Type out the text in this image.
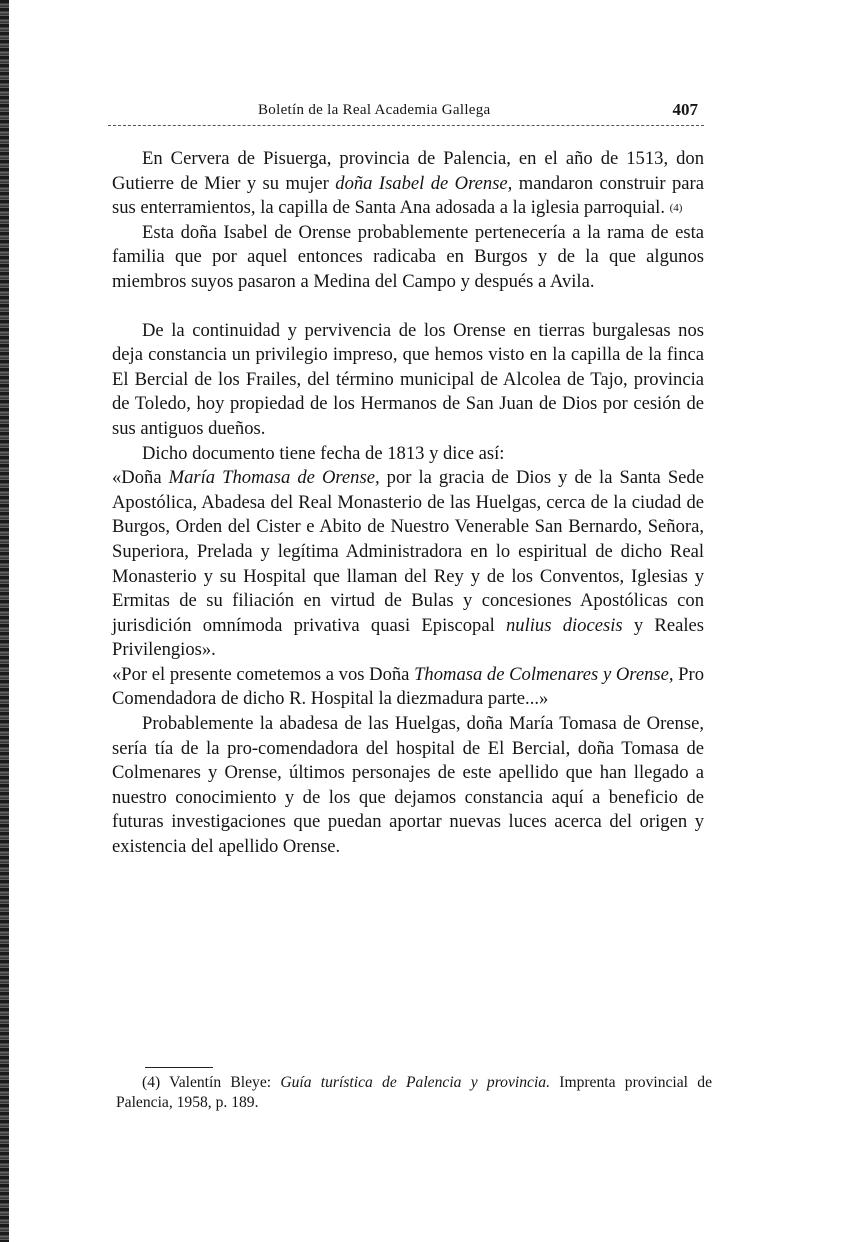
Boletín de la Real Academia Gallega	407

En Cervera de Pisuerga, provincia de Palencia, en el año de 1513, don Gutierre de Mier y su mujer doña Isabel de Orense, mandaron construir para sus enterramientos, la capilla de Santa Ana adosada a la iglesia parroquial. $^{(4)}$

Esta doña Isabel de Orense probablemente pertenecería a la rama de esta familia que por aquel entonces radicaba en Burgos y de la que algunos miembros suyos pasaron a Medina del Campo y después a Avila.

De la continuidad y pervivencia de los Orense en tierras burgalesas nos deja constancia un privilegio impreso, que hemos visto en la capilla de la finca El Bercial de los Frailes, del término municipal de Alcolea de Tajo, provincia de Toledo, hoy propiedad de los Hermanos de San Juan de Dios por cesión de sus antiguos dueños.

Dicho documento tiene fecha de 1813 y dice así:

«Doña María Thomasa de Orense, por la gracia de Dios y de la Santa Sede Apostólica, Abadesa del Real Monasterio de las Huelgas, cerca de la ciudad de Burgos, Orden del Cister e Abito de Nuestro Venerable San Bernardo, Señora, Superiora, Prelada y legítima Administradora en lo espiritual de dicho Real Monasterio y su Hospital que llaman del Rey y de los Conventos, Iglesias y Ermitas de su filiación en virtud de Bulas y concesiones Apostólicas con jurisdición omnímoda privativa quasi Episcopal nulius diocesis y Reales Privilengios».

«Por el presente cometemos a vos Doña Thomasa de Colmenares y Orense, Pro Comendadora de dicho R. Hospital la diezmadura parte...»

Probablemente la abadesa de las Huelgas, doña María Tomasa de Orense, sería tía de la pro-comendadora del hospital de El Bercial, doña Tomasa de Colmenares y Orense, últimos personajes de este apellido que han llegado a nuestro conocimiento y de los que dejamos constancia aquí a beneficio de futuras investigaciones que puedan aportar nuevas luces acerca del origen y existencia del apellido Orense.

(4) Valentín Bleye: Guía turística de Palencia y provincia. Imprenta provincial de Palencia, 1958, p. 189.
